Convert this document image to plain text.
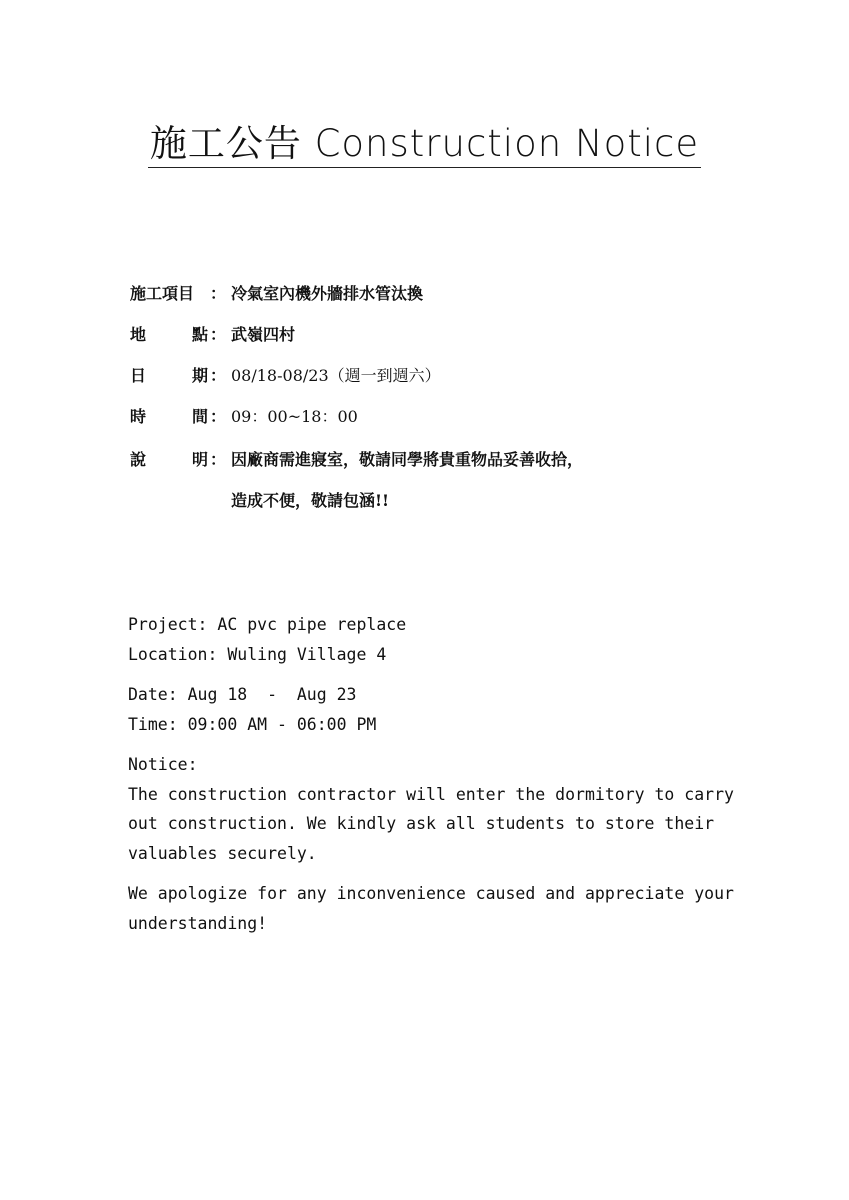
施工公告 Construction Notice
施工項目 ： 冷氣室內機外牆排水管汰換
地	點 ： 武嶺四村
日	期 ： 08/18-08/23（週一到週六）
時	間 ： 09：00~18：00
說	明 ： 因廠商需進寢室，敬請同學將貴重物品妥善收拾，
造成不便，敬請包涵!!
Project: AC pvc pipe replace
Location: Wuling Village 4
Date: Aug 18  -  Aug 23
Time: 09:00 AM - 06:00 PM
Notice:
The construction contractor will enter the dormitory to carry
out construction. We kindly ask all students to store their
valuables securely.
We apologize for any inconvenience caused and appreciate your
understanding!
